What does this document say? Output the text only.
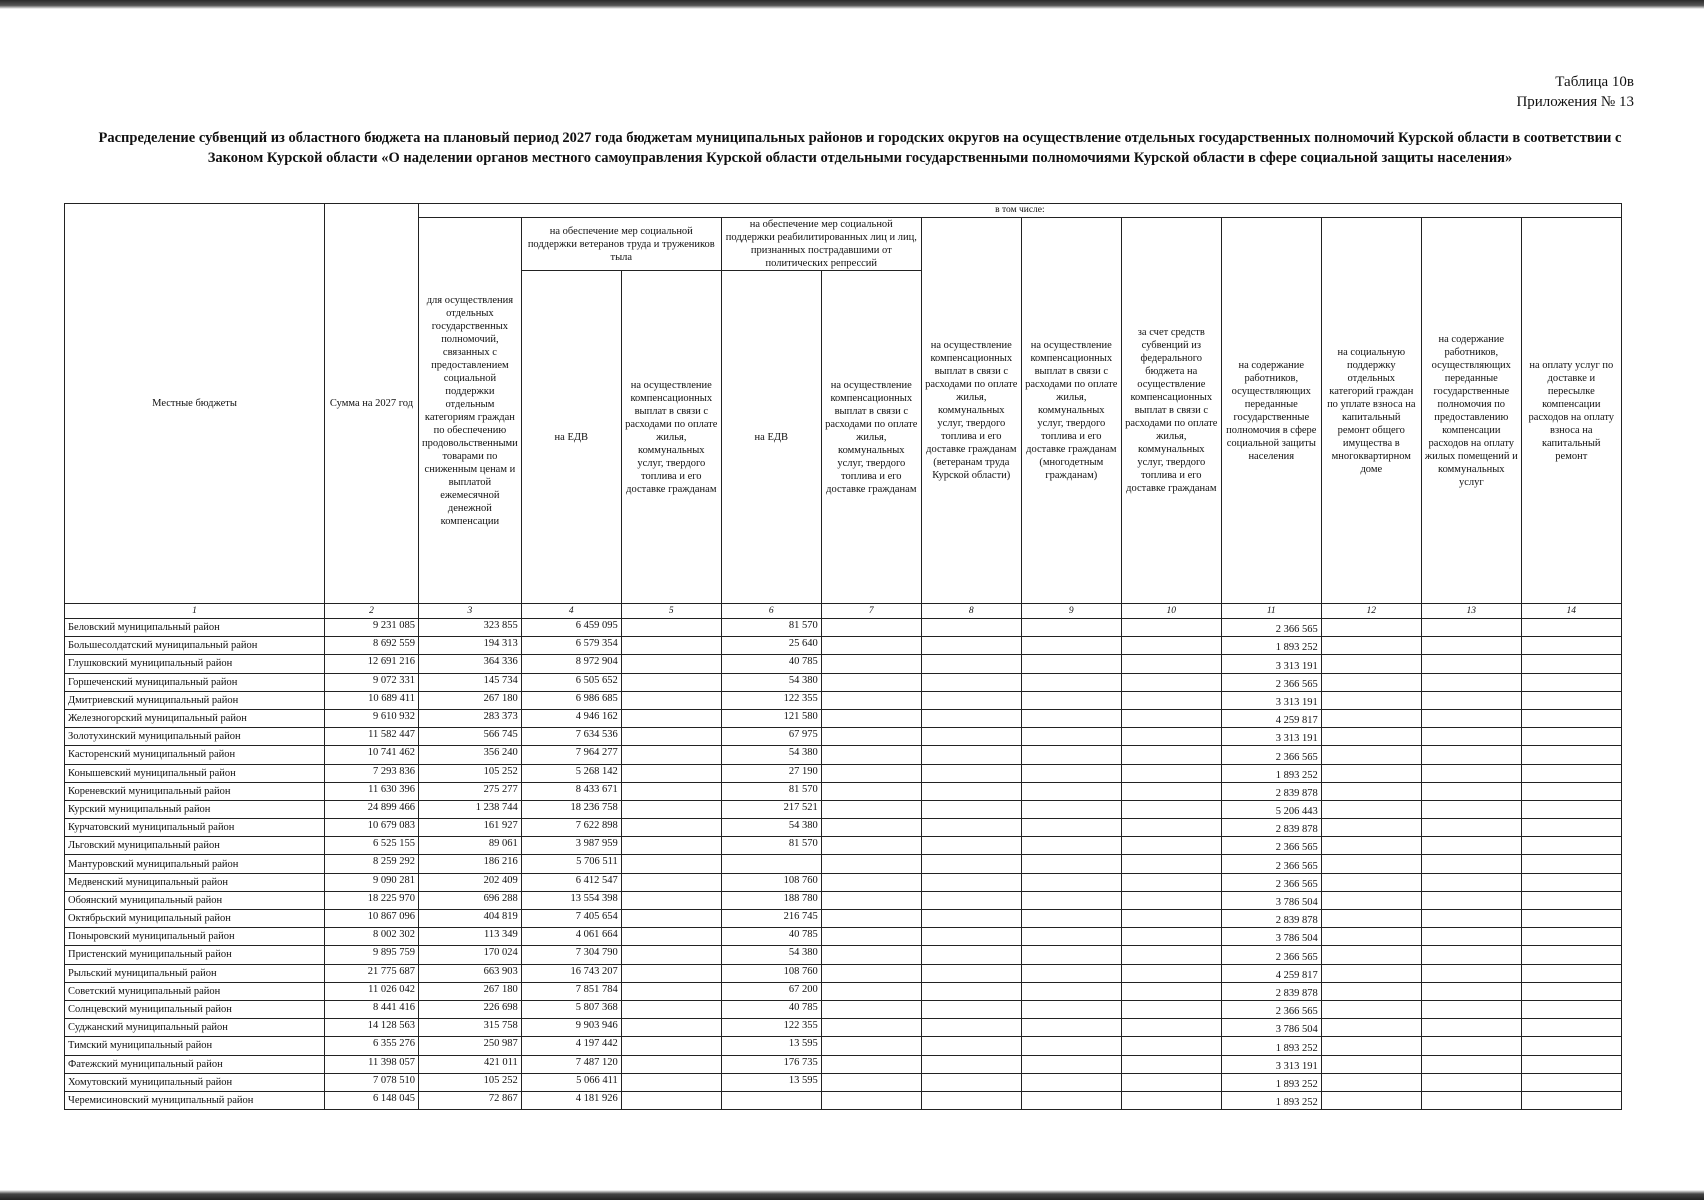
Таблица 10в
Приложения № 13
Распределение субвенций из областного бюджета на плановый период 2027 года бюджетам муниципальных районов и городских округов на осуществление отдельных государственных полномочий Курской области в соответствии с Законом Курской области «О наделении органов местного самоуправления Курской области отдельными государственными полномочиями Курской области в сфере социальной защиты населения»
Местные бюджеты	Сумма на 2027 год	в том числе:											
		для осуществления отдельных государственных полномочий, связанных с предоставлением социальной поддержки отдельным категориям граждан по обеспечению продовольственными товарами по сниженным ценам и выплатой ежемесячной денежной компенсации	на обеспечение мер социальной поддержки ветеранов труда и тружеников тыла		на обеспечение мер социальной поддержки реабилитированных лиц и лиц, признанных пострадавшими от политических репрессий		на осуществление компенсационных выплат в связи с расходами по оплате жилья, коммунальных услуг, твердого топлива и его доставке гражданам (ветеранам труда Курской области)	на осуществление компенсационных выплат в связи с расходами по оплате жилья, коммунальных услуг, твердого топлива и его доставке гражданам (многодетным гражданам)	за счет средств субвенций из федерального бюджета на осуществление компенсационных выплат в связи с расходами по оплате жилья, коммунальных услуг, твердого топлива и его доставке гражданам	на содержание работников, осуществляющих переданные государственные полномочия в сфере социальной защиты населения	на социальную поддержку отдельных категорий граждан по уплате взноса на капитальный ремонт общего имущества в многоквартирном доме	на содержание работников, осуществляющих переданные государственные полномочия по предоставлению компенсации расходов на оплату жилых помещений и коммунальных услуг	на оплату услуг по доставке и пересылке компенсации расходов на оплату взноса на капитальный ремонт
			на ЕДВ	на осуществление компенсационных выплат в связи с расходами по оплате жилья, коммунальных услуг, твердого топлива и его доставке гражданам	на ЕДВ	на осуществление компенсационных выплат в связи с расходами по оплате жилья, коммунальных услуг, твердого топлива и его доставке гражданам							

1	2	3	4	5	6	7	8	9	10	11	12	13	14
Беловский муниципальный район	9 231 085	323 855	6 459 095		81 570					2 366 565			
Большесолдатский муниципальный район	8 692 559	194 313	6 579 354		25 640					1 893 252			
Глушковский муниципальный район	12 691 216	364 336	8 972 904		40 785					3 313 191			
Горшеченский муниципальный район	9 072 331	145 734	6 505 652		54 380					2 366 565			
Дмитриевский муниципальный район	10 689 411	267 180	6 986 685		122 355					3 313 191			
Железногорский муниципальный район	9 610 932	283 373	4 946 162		121 580					4 259 817			
Золотухинский муниципальный район	11 582 447	566 745	7 634 536		67 975					3 313 191			
Касторенский муниципальный район	10 741 462	356 240	7 964 277		54 380					2 366 565			
Конышевский муниципальный район	7 293 836	105 252	5 268 142		27 190					1 893 252			
Кореневский муниципальный район	11 630 396	275 277	8 433 671		81 570					2 839 878			
Курский муниципальный район	24 899 466	1 238 744	18 236 758		217 521					5 206 443			
Курчатовский муниципальный район	10 679 083	161 927	7 622 898		54 380					2 839 878			
Льговский муниципальный район	6 525 155	89 061	3 987 959		81 570					2 366 565			
Мантуровский муниципальный район	8 259 292	186 216	5 706 511							2 366 565			
Медвенский муниципальный район	9 090 281	202 409	6 412 547		108 760					2 366 565			
Обоянский муниципальный район	18 225 970	696 288	13 554 398		188 780					3 786 504			
Октябрьский муниципальный район	10 867 096	404 819	7 405 654		216 745					2 839 878			
Поныровский муниципальный район	8 002 302	113 349	4 061 664		40 785					3 786 504			
Пристенский муниципальный район	9 895 759	170 024	7 304 790		54 380					2 366 565			
Рыльский муниципальный район	21 775 687	663 903	16 743 207		108 760					4 259 817			
Советский муниципальный район	11 026 042	267 180	7 851 784		67 200					2 839 878			
Солнцевский муниципальный район	8 441 416	226 698	5 807 368		40 785					2 366 565			
Суджанский муниципальный район	14 128 563	315 758	9 903 946		122 355					3 786 504			
Тимский муниципальный район	6 355 276	250 987	4 197 442		13 595					1 893 252			
Фатежский муниципальный район	11 398 057	421 011	7 487 120		176 735					3 313 191			
Хомутовский муниципальный район	7 078 510	105 252	5 066 411		13 595					1 893 252			
Черемисиновский муниципальный район	6 148 045	72 867	4 181 926							1 893 252			
